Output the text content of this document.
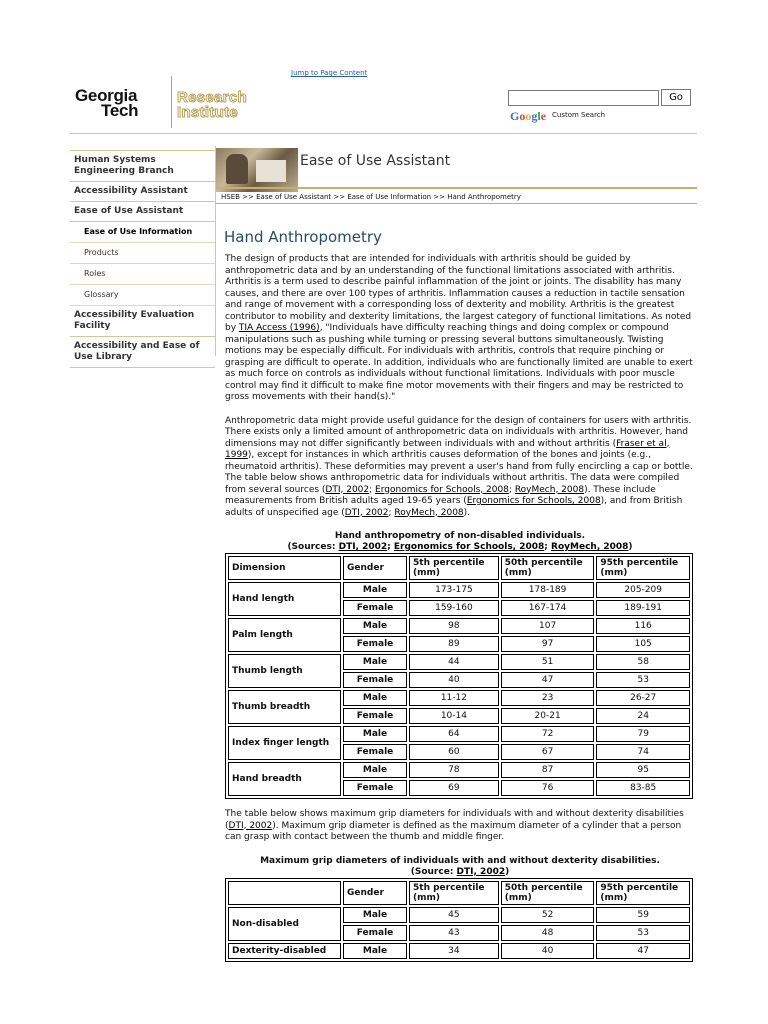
Jump to Page Content
Georgia
Tech
Research
Institute
Go
Google Custom Search
Human Systems Engineering Branch
Accessibility Assistant
Ease of Use Assistant
Ease of Use Information
Products
Roles
Glossary
Accessibility Evaluation Facility
Accessibility and Ease of Use Library
Ease of Use Assistant
HSEB >> Ease of Use Assistant >> Ease of Use Information >> Hand Anthropometry
Hand Anthropometry

The design of products that are intended for individuals with arthritis should be guided by anthropometric data and by an understanding of the functional limitations associated with arthritis. Arthritis is a term used to describe painful inflammation of the joint or joints. The disability has many causes, and there are over 100 types of arthritis. Inflammation causes a reduction in tactile sensation and range of movement with a corresponding loss of dexterity and mobility. Arthritis is the greatest contributor to mobility and dexterity limitations, the largest category of functional limitations. As noted by TIA Access (1996), "Individuals have difficulty reaching things and doing complex or compound manipulations such as pushing while turning or pressing several buttons simultaneously. Twisting motions may be especially difficult. For individuals with arthritis, controls that require pinching or grasping are difficult to operate. In addition, individuals who are functionally limited are unable to exert as much force on controls as individuals without functional limitations. Individuals with poor muscle control may find it difficult to make fine motor movements with their fingers and may be restricted to gross movements with their hand(s)."

Anthropometric data might provide useful guidance for the design of containers for users with arthritis. There exists only a limited amount of anthropometric data on individuals with arthritis. However, hand dimensions may not differ significantly between individuals with and without arthritis (Fraser et al, 1999), except for instances in which arthritis causes deformation of the bones and joints (e.g., rheumatoid arthritis). These deformities may prevent a user's hand from fully encircling a cap or bottle. The table below shows anthropometric data for individuals without arthritis. The data were compiled from several sources (DTI, 2002; Ergonomics for Schools, 2008; RoyMech, 2008). These include measurements from British adults aged 19-65 years (Ergonomics for Schools, 2008), and from British adults of unspecified age (DTI, 2002; RoyMech, 2008).

Hand anthropometry of non-disabled individuals.
(Sources: DTI, 2002; Ergonomics for Schools, 2008; RoyMech, 2008)
Dimension	Gender	5th percentile (mm)	50th percentile (mm)	95th percentile (mm)
Hand length	Male	173-175	178-189	205-209
	Female	159-160	167-174	189-191
Palm length	Male	98	107	116
	Female	89	97	105
Thumb length	Male	44	51	58
	Female	40	47	53
Thumb breadth	Male	11-12	23	26-27
	Female	10-14	20-21	24
Index finger length	Male	64	72	79
	Female	60	67	74
Hand breadth	Male	78	87	95
	Female	69	76	83-85

The table below shows maximum grip diameters for individuals with and without dexterity disabilities (DTI, 2002). Maximum grip diameter is defined as the maximum diameter of a cylinder that a person can grasp with contact between the thumb and middle finger.

Maximum grip diameters of individuals with and without dexterity disabilities.
(Source: DTI, 2002)
	Gender	5th percentile (mm)	50th percentile (mm)	95th percentile (mm)
Non-disabled	Male	45	52	59
	Female	43	48	53
Dexterity-disabled	Male	34	40	47
